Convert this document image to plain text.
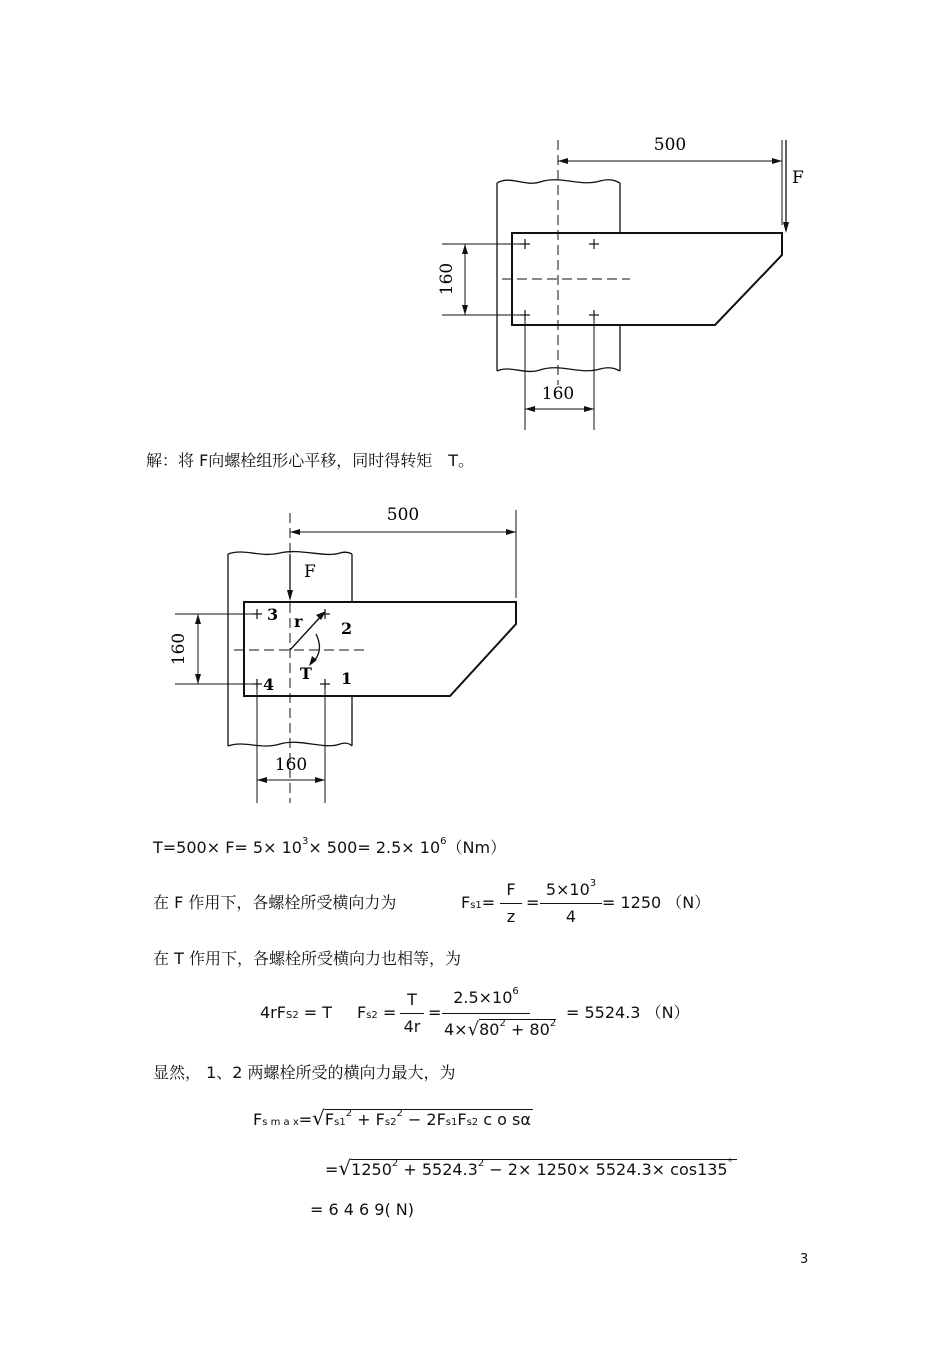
500
F
160
160
解：将 F向螺栓组形心平移，同时得转矩　T。
3
2
4	1
r
T
500
F
160
160
$T=500\times F= 5\times 10^3\times 500= 2.5\times 10^6(Nm)$
在 F 作用下，各螺栓所受横向力为	Fs1=
F
z
=
$5\times 10^3$
4
= 1250 （N）
在 T 作用下，各螺栓所受横向力也相等，为
4rFS2 = T Fs2 =
T
4r
=
$2.5\times 10^6$
$4\times√80^2 + 80^2$
= 5524.3 （N）
显然， 1、2 两螺栓所受的横向力最大，为
Fs m a $x=√Fs1^2 + Fs2^2 - 2Fs1Fs2$ c o sα
$=√1250^2 + 5524.3^2 - 2\times 1250\times 5524.3\times \cos 135^\circ$
= 6 4 6 9( N)
3
